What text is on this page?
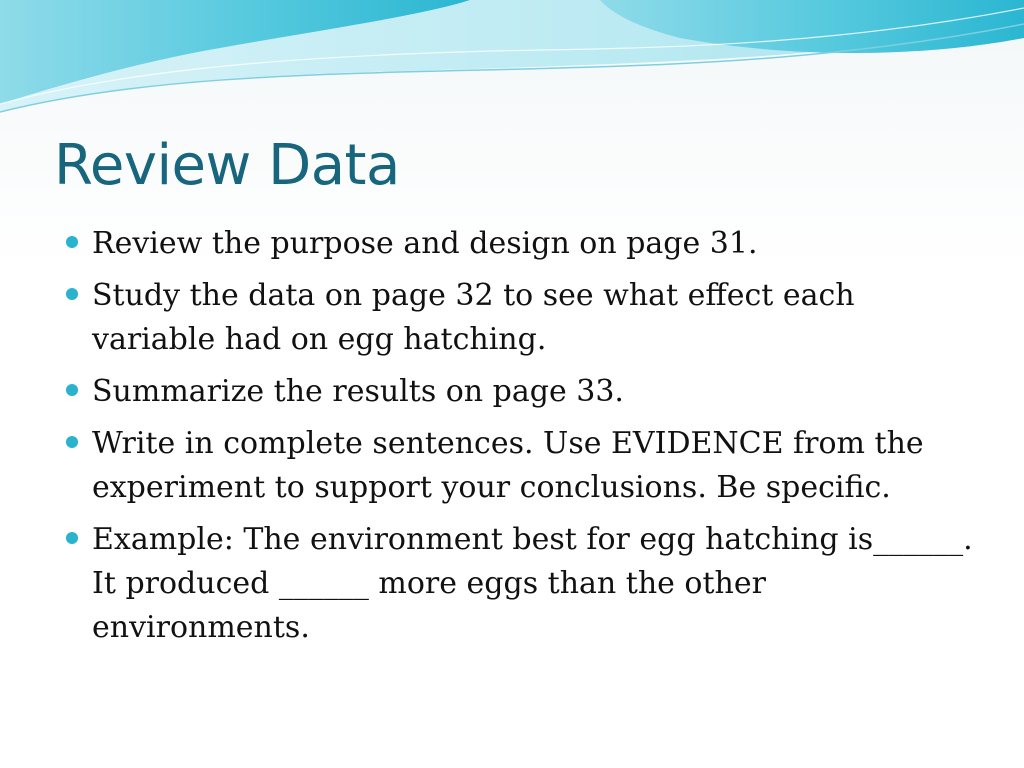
Review Data
Review the purpose and design on page 31.
Study the data on page 32 to see what effect each variable had on egg hatching.
Summarize the results on page 33.
Write in complete sentences. Use EVIDENCE from the experiment to support your conclusions. Be specific.
Example: The environment best for egg hatching is______. It produced ______ more eggs than the other environments.
